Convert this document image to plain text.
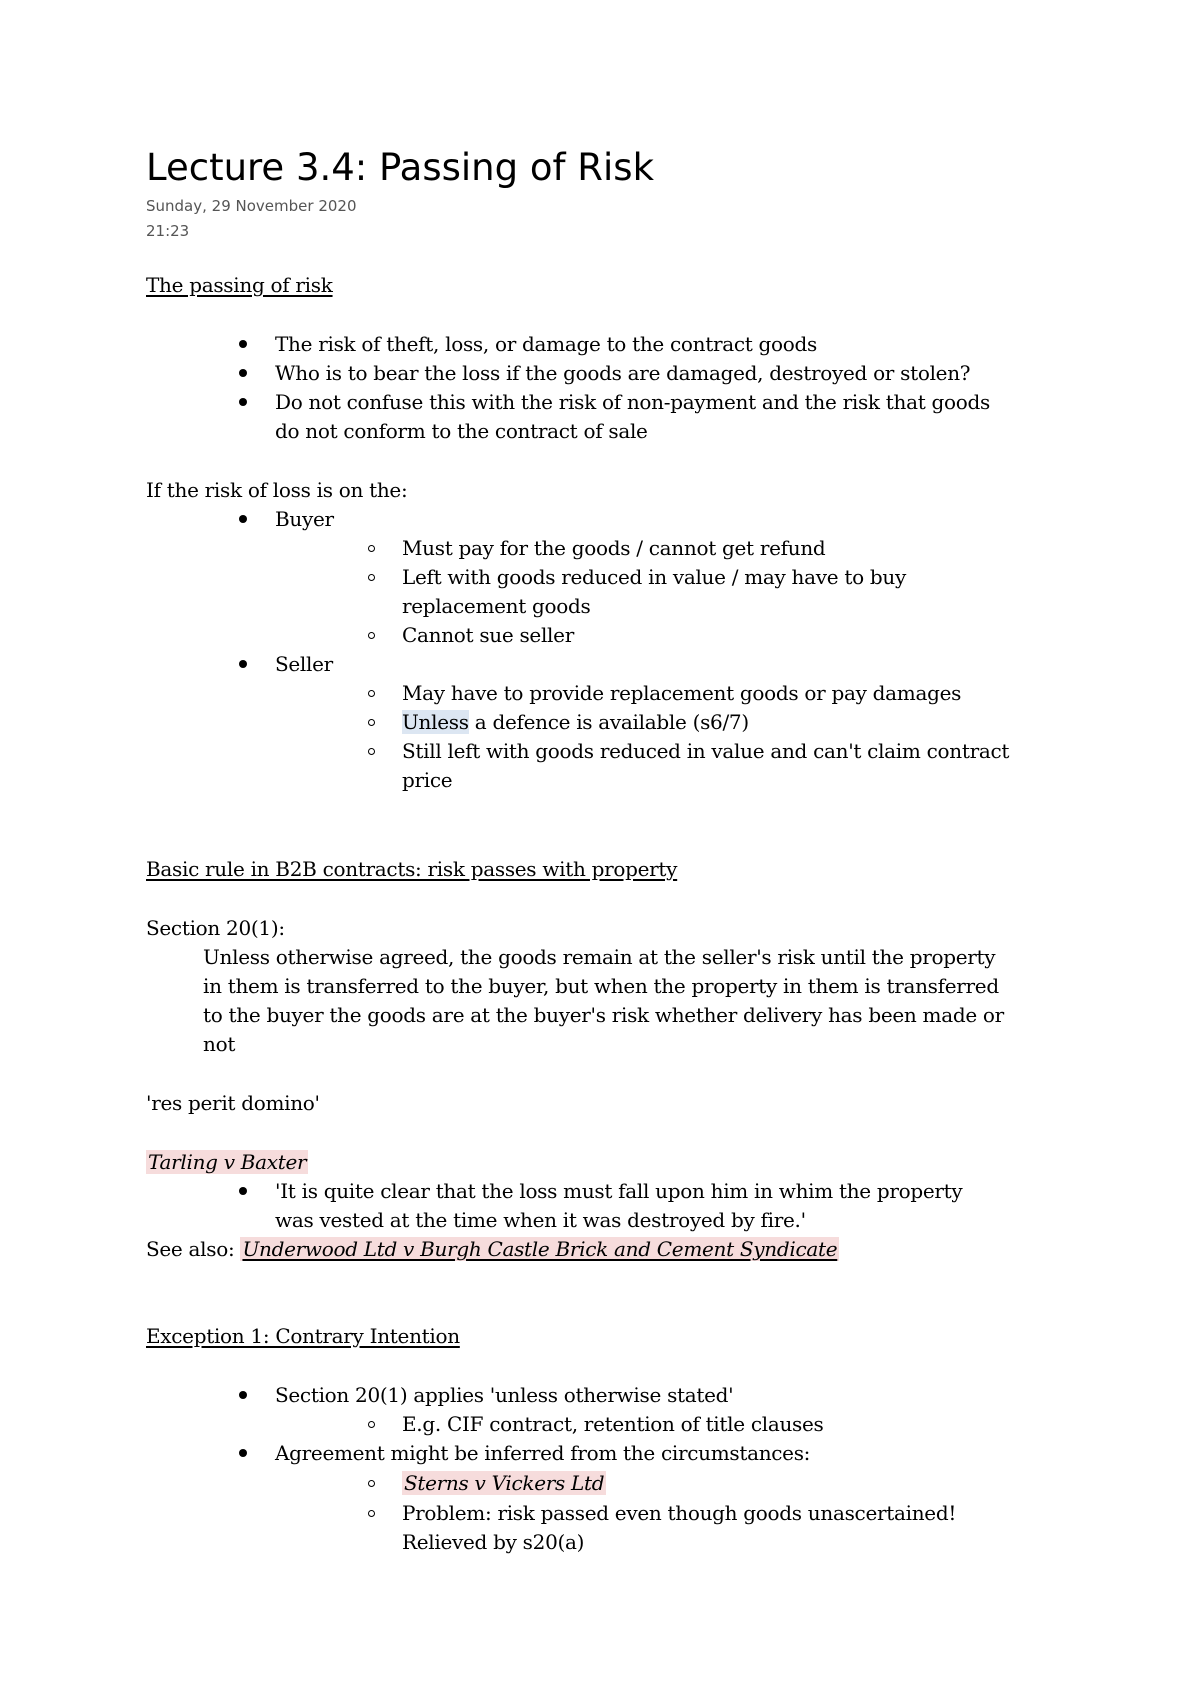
Lecture 3.4: Passing of Risk
Sunday, 29 November 2020
21:23
The passing of risk
The risk of theft, loss, or damage to the contract goods
Who is to bear the loss if the goods are damaged, destroyed or stolen?
Do not confuse this with the risk of non-payment and the risk that goods
do not conform to the contract of sale
If the risk of loss is on the:
Buyer
Must pay for the goods / cannot get refund
Left with goods reduced in value / may have to buy
replacement goods
Cannot sue seller
Seller
May have to provide replacement goods or pay damages
Unless a defence is available (s6/7)
Still left with goods reduced in value and can't claim contract
price
Basic rule in B2B contracts: risk passes with property
Section 20(1):
Unless otherwise agreed, the goods remain at the seller's risk until the property
in them is transferred to the buyer, but when the property in them is transferred
to the buyer the goods are at the buyer's risk whether delivery has been made or
not
'res perit domino'
Tarling v Baxter
'It is quite clear that the loss must fall upon him in whim the property
was vested at the time when it was destroyed by fire.'
See also: Underwood Ltd v Burgh Castle Brick and Cement Syndicate
Exception 1: Contrary Intention
Section 20(1) applies 'unless otherwise stated'
E.g. CIF contract, retention of title clauses
Agreement might be inferred from the circumstances:
Sterns v Vickers Ltd
Problem: risk passed even though goods unascertained!
Relieved by s20(a)
